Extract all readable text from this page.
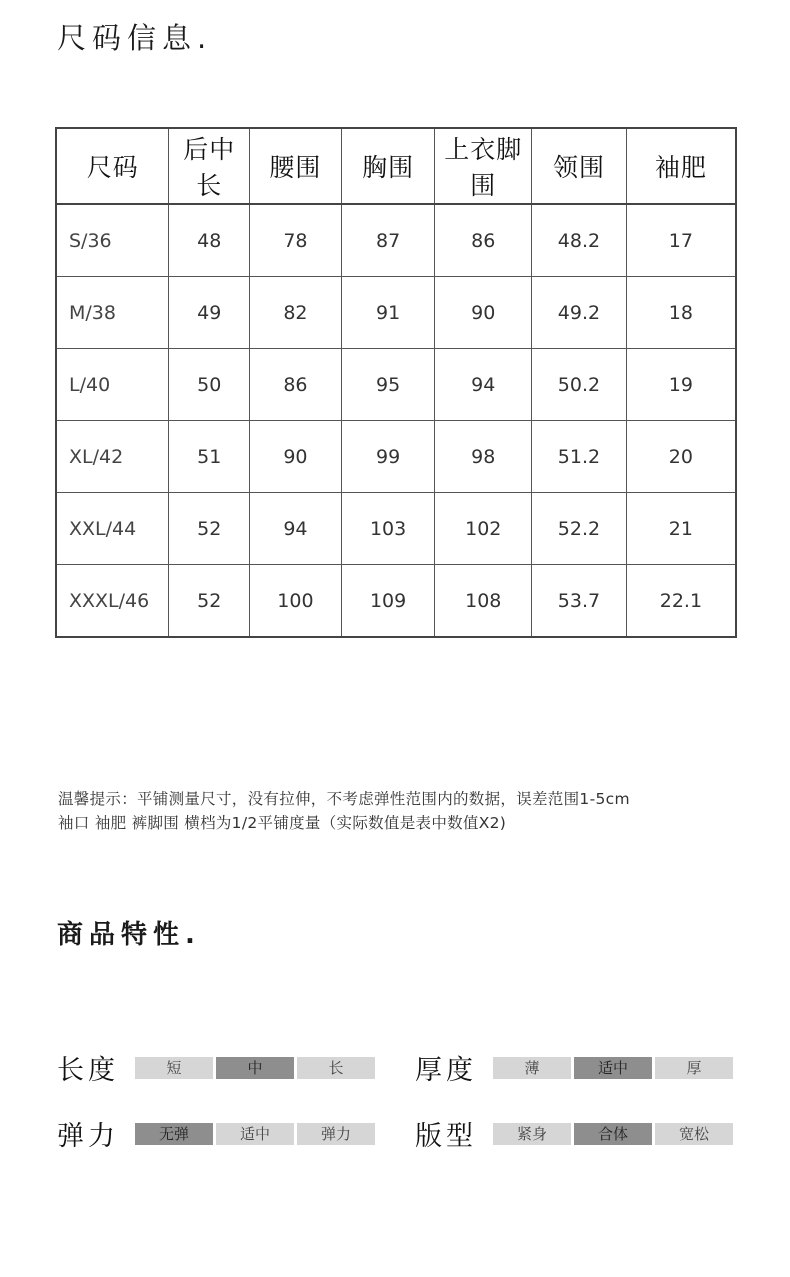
尺码信息.
尺码	后中长	腰围	胸围	上衣脚围	领围	袖肥
S/36	48	78	87	86	48.2	17
M/38	49	82	91	90	49.2	18
L/40	50	86	95	94	50.2	19
XL/42	51	90	99	98	51.2	20
XXL/44	52	94	103	102	52.2	21
XXXL/46	52	100	109	108	53.7	22.1
温馨提示：平铺测量尺寸，没有拉伸，不考虑弹性范围内的数据，误差范围1-5cm
袖口 袖肥 裤脚围 横档为1/2平铺度量（实际数值是表中数值X2)
商品特性.
长度	短	中	长	厚度	薄	适中	厚
弹力	无弹	适中	弹力	版型	紧身	合体	宽松
